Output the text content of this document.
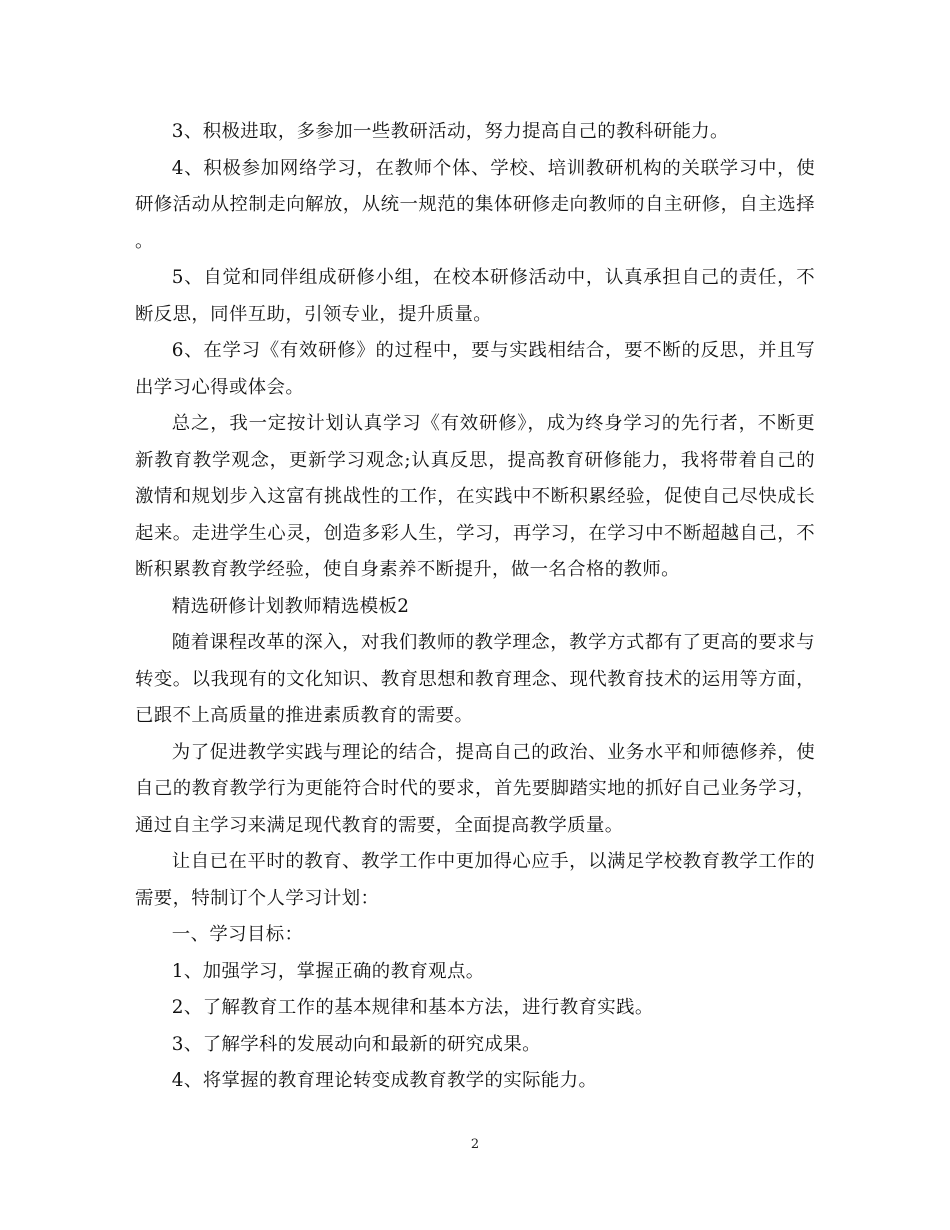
3、积极进取，多参加一些教研活动，努力提高自己的教科研能力。

4、积极参加网络学习，在教师个体、学校、培训教研机构的关联学习中，使研修活动从控制走向解放，从统一规范的集体研修走向教师的自主研修，自主选择。

5、自觉和同伴组成研修小组，在校本研修活动中，认真承担自己的责任，不断反思，同伴互助，引领专业，提升质量。

6、在学习《有效研修》的过程中，要与实践相结合，要不断的反思，并且写出学习心得或体会。

总之，我一定按计划认真学习《有效研修》，成为终身学习的先行者，不断更新教育教学观念，更新学习观念;认真反思，提高教育研修能力，我将带着自己的激情和规划步入这富有挑战性的工作，在实践中不断积累经验，促使自己尽快成长起来。走进学生心灵，创造多彩人生，学习，再学习，在学习中不断超越自己，不断积累教育教学经验，使自身素养不断提升，做一名合格的教师。

精选研修计划教师精选模板2

随着课程改革的深入，对我们教师的教学理念，教学方式都有了更高的要求与转变。以我现有的文化知识、教育思想和教育理念、现代教育技术的运用等方面，已跟不上高质量的推进素质教育的需要。

为了促进教学实践与理论的结合，提高自己的政治、业务水平和师德修养，使自己的教育教学行为更能符合时代的要求，首先要脚踏实地的抓好自己业务学习，通过自主学习来满足现代教育的需要，全面提高教学质量。

让自已在平时的教育、教学工作中更加得心应手，以满足学校教育教学工作的需要，特制订个人学习计划：

一、学习目标：

1、加强学习，掌握正确的教育观点。

2、了解教育工作的基本规律和基本方法，进行教育实践。

3、了解学科的发展动向和最新的研究成果。

4、将掌握的教育理论转变成教育教学的实际能力。

2
